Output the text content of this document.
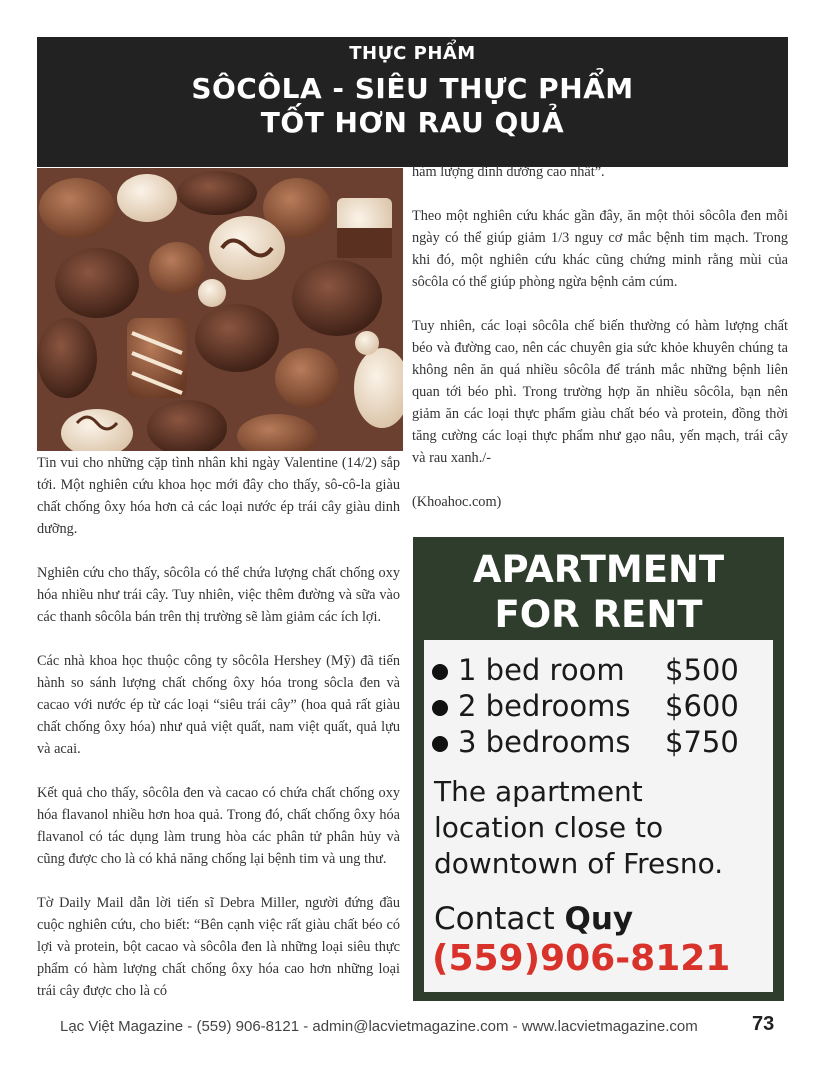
THỰC PHẨM
SÔCÔLA - SIÊU THỰC PHẨM
TỐT HƠN RAU QUẢ

Tin vui cho những cặp tình nhân khi ngày Valentine (14/2) sắp tới. Một nghiên cứu khoa học mới đây cho thấy, sô-cô-la giàu chất chống ôxy hóa hơn cả các loại nước ép trái cây giàu dinh dưỡng.

Nghiên cứu cho thấy, sôcôla có thể chứa lượng chất chống oxy hóa nhiều như trái cây. Tuy nhiên, việc thêm đường và sữa vào các thanh sôcôla bán trên thị trường sẽ làm giảm các ích lợi.

Các nhà khoa học thuộc công ty sôcôla Hershey (Mỹ) đã tiến hành so sánh lượng chất chống ôxy hóa trong sôcla đen và cacao với nước ép từ các loại “siêu trái cây” (hoa quả rất giàu chất chống ôxy hóa) như quả việt quất, nam việt quất, quả lựu và acai.

Kết quả cho thấy, sôcôla đen và cacao có chứa chất chống oxy hóa flavanol nhiều hơn hoa quả. Trong đó, chất chống ôxy hóa flavanol có tác dụng làm trung hòa các phân tử phân hủy và cũng được cho là có khả năng chống lại bệnh tim và ung thư.

Tờ Daily Mail dẫn lời tiến sĩ Debra Miller, người đứng đầu cuộc nghiên cứu, cho biết: “Bên cạnh việc rất giàu chất béo có lợi và protein, bột cacao và sôcôla đen là những loại siêu thực phẩm có hàm lượng chất chống ôxy hóa cao hơn những loại trái cây được cho là có

hàm lượng dinh dưỡng cao nhất”.

Theo một nghiên cứu khác gần đây, ăn một thỏi sôcôla đen mỗi ngày có thể giúp giảm 1/3 nguy cơ mắc bệnh tim mạch. Trong khi đó, một nghiên cứu khác cũng chứng minh rằng mùi của sôcôla có thể giúp phòng ngừa bệnh cảm cúm.

Tuy nhiên, các loại sôcôla chế biến thường có hàm lượng chất béo và đường cao, nên các chuyên gia sức khỏe khuyên chúng ta không nên ăn quá nhiều sôcôla để tránh mắc những bệnh liên quan tới béo phì. Trong trường hợp ăn nhiều sôcôla, bạn nên giảm ăn các loại thực phẩm giàu chất béo và protein, đồng thời tăng cường các loại thực phẩm như gạo nâu, yến mạch, trái cây và rau xanh./-

(Khoahoc.com)

APARTMENT
FOR RENT
1 bed room	$500
2 bedrooms	$600
3 bedrooms	$750
The apartment
location close to
downtown of Fresno.
Contact Quy
(559)906-8121
Lạc Việt Magazine - (559) 906-8121 - admin@lacvietmagazine.com - www.lacvietmagazine.com	73
